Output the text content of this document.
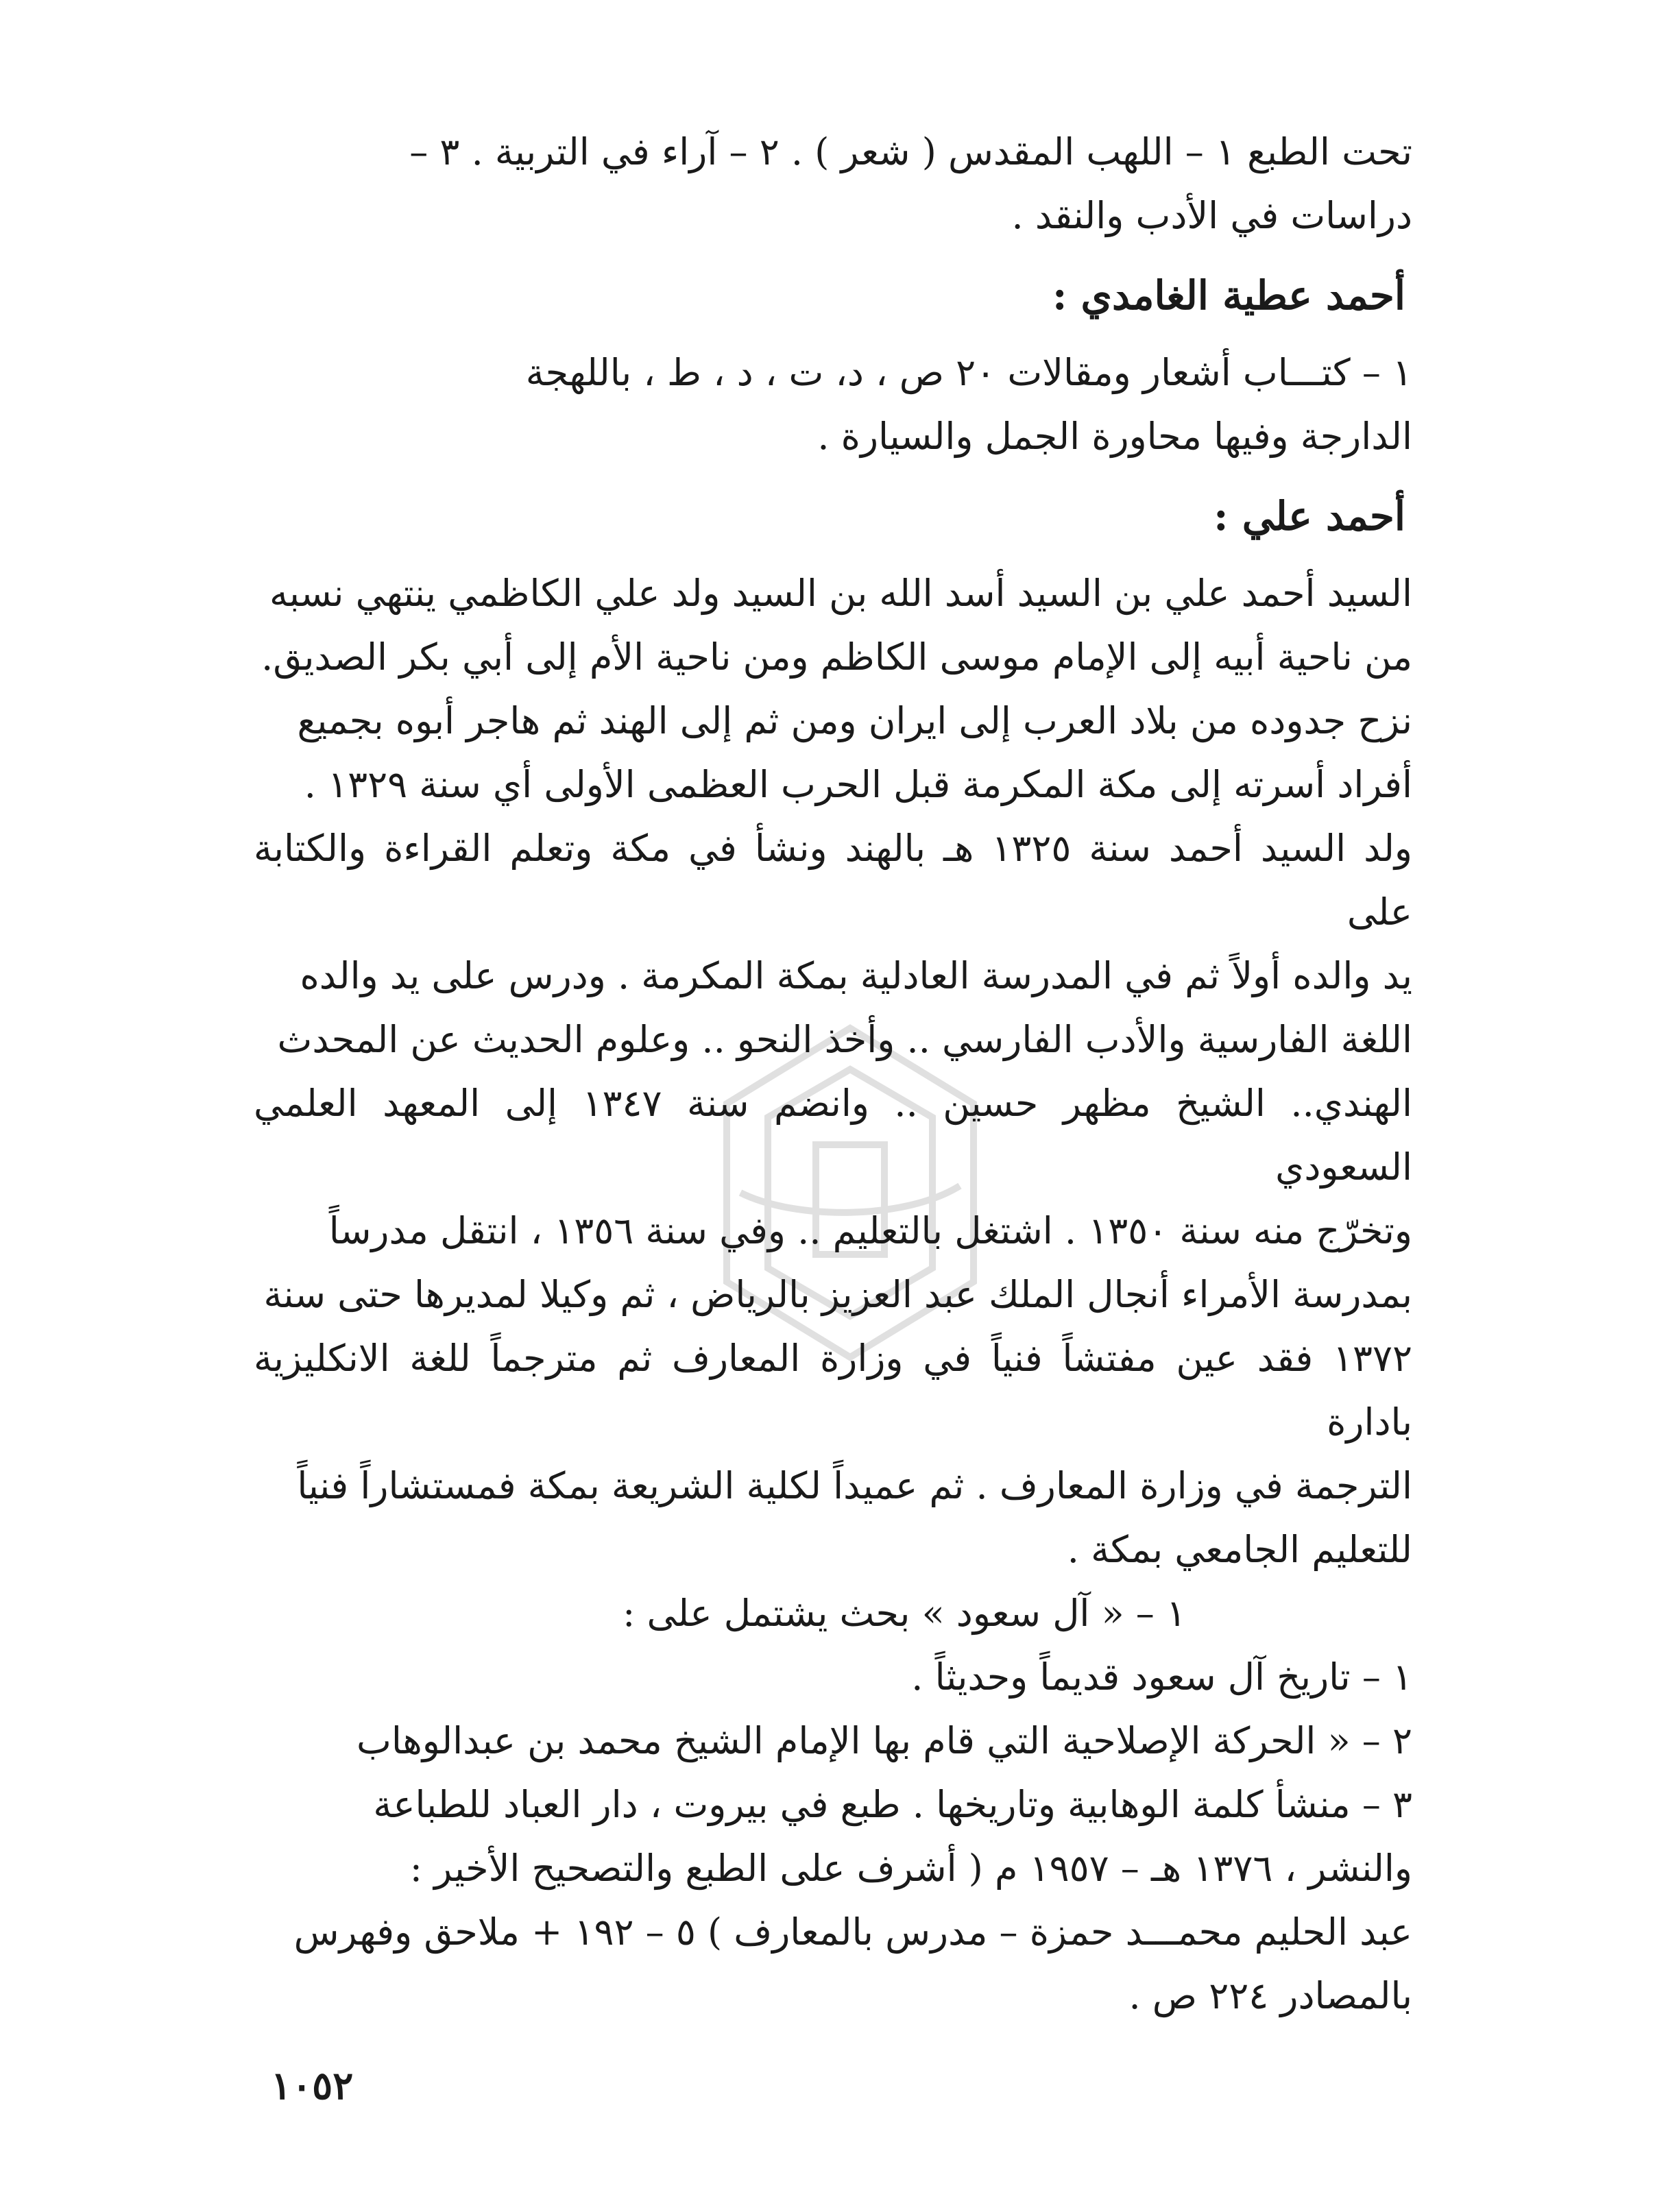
تحت الطبع ١ – اللهب المقدس ( شعر ) . ٢ – آراء في التربية . ٣ –
دراسات في الأدب والنقد .
أحمد عطية الغامدي :
١ – كتـــاب أشعار ومقالات ٢٠ ص ، د، ت ، د ، ط ، باللهجة
الدارجة وفيها محاورة الجمل والسيارة .
أحمد علي :
السيد أحمد علي بن السيد أسد الله بن السيد ولد علي الكاظمي ينتهي نسبه
من ناحية أبيه إلى الإمام موسى الكاظم ومن ناحية الأم إلى أبي بكر الصديق.
نزح جدوده من بلاد العرب إلى ايران ومن ثم إلى الهند ثم هاجر أبوه بجميع
أفراد أسرته إلى مكة المكرمة قبل الحرب العظمى الأولى أي سنة ١٣٢٩ .
ولد السيد أحمد سنة ١٣٢٥ هـ بالهند ونشأ في مكة وتعلم القراءة والكتابة على
يد والده أولاً ثم في المدرسة العادلية بمكة المكرمة . ودرس على يد والده
اللغة الفارسية والأدب الفارسي .. وأخذ النحو .. وعلوم الحديث عن المحدث
الهندي.. الشيخ مظهر حسين .. وانضم سنة ١٣٤٧ إلى المعهد العلمي السعودي
وتخرّج منه سنة ١٣٥٠ . اشتغل بالتعليم .. وفي سنة ١٣٥٦ ، انتقل مدرساً
بمدرسة الأمراء أنجال الملك عبد العزيز بالرياض ، ثم وكيلا لمديرها حتى سنة
١٣٧٢ فقد عين مفتشاً فنياً في وزارة المعارف ثم مترجماً للغة الانكليزية بادارة
الترجمة في وزارة المعارف . ثم عميداً لكلية الشريعة بمكة فمستشاراً فنياً
للتعليم الجامعي بمكة .
١ – « آل سعود » بحث يشتمل على :
١ – تاريخ آل سعود قديماً وحديثاً .
٢ – « الحركة الإصلاحية التي قام بها الإمام الشيخ محمد بن عبدالوهاب
٣ – منشأ كلمة الوهابية وتاريخها . طبع في بيروت ، دار العباد للطباعة
والنشر ، ١٣٧٦ هـ – ١٩٥٧ م ( أشرف على الطبع والتصحيح الأخير :
عبد الحليم محمـــد حمزة – مدرس بالمعارف ) ٥ – ١٩٢ + ملاحق وفهرس
بالمصادر ٢٢٤ ص .
١٠٥٢
